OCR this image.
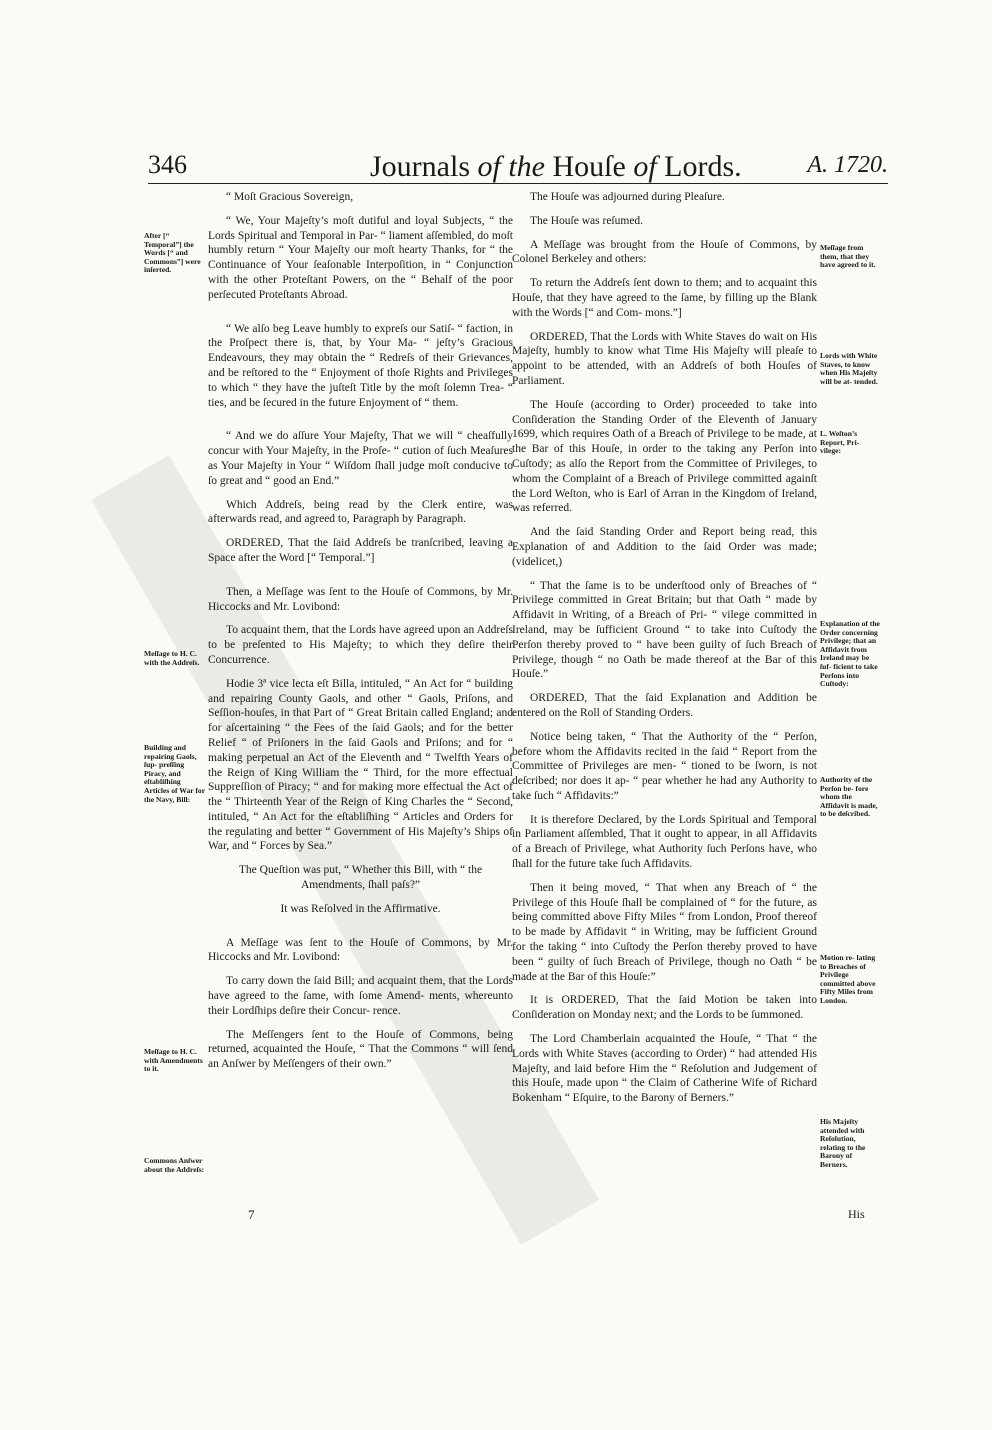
346	Journals of the Houſe of Lords.	A. 1720.
After [“ Temporal”] the Words [“ and Commons”] were inſerted.
Meſſage to H. C. with the Addreſs.
Building and repairing Gaols, ſup- preſſing Piracy, and eſtabliſhing Articles of War for the Navy, Bill:
Meſſage to H. C. with Amendments to it.
Commons Anſwer about the Addreſs:

“ Moſt Gracious Sovereign,

“ We, Your Majeſty’s moſt dutiful and loyal Subjects, “ the Lords Spiritual and Temporal in Par- “ liament aſſembled, do moſt humbly return “ Your Majeſty our moſt hearty Thanks, for “ the Continuance of Your ſeaſonable Interpoſition, in “ Conjunction with the other Proteſtant Powers, on the “ Behalf of the poor perſecuted Proteſtants Abroad.

“ We alſo beg Leave humbly to expreſs our Satiſ- “ faction, in the Proſpect there is, that, by Your Ma- “ jeſty’s Gracious Endeavours, they may obtain the “ Redreſs of their Grievances, and be reſtored to the “ Enjoyment of thoſe Rights and Privileges to which “ they have the juſteſt Title by the moſt ſolemn Trea- “ ties, and be ſecured in the future Enjoyment of “ them.

“ And we do aſſure Your Majeſty, That we will “ cheaſfully concur with Your Majeſty, in the Proſe- “ cution of ſuch Meaſures as Your Majeſty in Your “ Wiſdom ſhall judge moſt conducive to ſo great and “ good an End.”

Which Addreſs, being read by the Clerk entire, was afterwards read, and agreed to, Paragraph by Paragraph.

ORDERED, That the ſaid Addreſs be tranſcribed, leaving a Space after the Word [“ Temporal.”]

Then, a Meſſage was ſent to the Houſe of Commons, by Mr. Hiccocks and Mr. Lovibond:

To acquaint them, that the Lords have agreed upon an Addreſs to be preſented to His Majeſty; to which they deſire their Concurrence.

Hodie 3ª vice lecta eſt Billa, intituled, “ An Act for “ building and repairing County Gaols, and other “ Gaols, Priſons, and Seſſion-houſes, in that Part of “ Great Britain called England; and for aſcertaining “ the Fees of the ſaid Gaols; and for the better Relief “ of Priſoners in the ſaid Gaols and Priſons; and for “ making perpetual an Act of the Eleventh and “ Twelfth Years of the Reign of King William the “ Third, for the more effectual Suppreſſion of Piracy; “ and for making more effectual the Act of the “ Thirteenth Year of the Reign of King Charles the “ Second, intituled, “ An Act for the eſtabliſhing “ Articles and Orders for the regulating and better “ Government of His Majeſty’s Ships of War, and “ Forces by Sea.”

The Queſtion was put, “ Whether this Bill, with “ the Amendments, ſhall paſs?”

It was Reſolved in the Affirmative.

A Meſſage was ſent to the Houſe of Commons, by Mr. Hiccocks and Mr. Lovibond:

To carry down the ſaid Bill; and acquaint them, that the Lords have agreed to the ſame, with ſome Amend- ments, whereunto their Lordſhips deſire their Concur- rence.

The Meſſengers ſent to the Houſe of Commons, being returned, acquainted the Houſe, “ That the Commons “ will ſend an Anſwer by Meſſengers of their own.”

The Houſe was adjourned during Pleaſure.

The Houſe was reſumed.

A Meſſage was brought from the Houſe of Commons, by Colonel Berkeley and others:

To return the Addreſs ſent down to them; and to acquaint this Houſe, that they have agreed to the ſame, by filling up the Blank with the Words [“ and Com- mons.”]

ORDERED, That the Lords with White Staves do wait on His Majeſty, humbly to know what Time His Majeſty will pleaſe to appoint to be attended, with an Addreſs of both Houſes of Parliament.

The Houſe (according to Order) proceeded to take into Conſideration the Standing Order of the Eleventh of January 1699, which requires Oath of a Breach of Privilege to be made, at the Bar of this Houſe, in order to the taking any Perſon into Cuſtody; as alſo the Report from the Committee of Privileges, to whom the Complaint of a Breach of Privilege committed againſt the Lord Weſton, who is Earl of Arran in the Kingdom of Ireland, was referred.

And the ſaid Standing Order and Report being read, this Explanation of and Addition to the ſaid Order was made; (videlicet,)

“ That the ſame is to be underſtood only of Breaches of “ Privilege committed in Great Britain; but that Oath “ made by Affidavit in Writing, of a Breach of Pri- “ vilege committed in Ireland, may be ſufficient Ground “ to take into Cuſtody the Perſon thereby proved to “ have been guilty of ſuch Breach of Privilege, though “ no Oath be made thereof at the Bar of this Houſe.”

ORDERED, That the ſaid Explanation and Addition be entered on the Roll of Standing Orders.

Notice being taken, “ That the Authority of the “ Perſon, before whom the Affidavits recited in the ſaid “ Report from the Committee of Privileges are men- “ tioned to be ſworn, is not deſcribed; nor does it ap- “ pear whether he had any Authority to take ſuch “ Affidavits:”

It is therefore Declared, by the Lords Spiritual and Temporal in Parliament aſſembled, That it ought to appear, in all Affidavits of a Breach of Privilege, what Authority ſuch Perſons have, who ſhall for the future take ſuch Affidavits.

Then it being moved, “ That when any Breach of “ the Privilege of this Houſe ſhall be complained of “ for the future, as being committed above Fifty Miles “ from London, Proof thereof to be made by Affidavit “ in Writing, may be ſufficient Ground for the taking “ into Cuſtody the Perſon thereby proved to have been “ guilty of ſuch Breach of Privilege, though no Oath “ be made at the Bar of this Houſe:”

It is ORDERED, That the ſaid Motion be taken into Conſideration on Monday next; and the Lords to be ſummoned.

The Lord Chamberlain acquainted the Houſe, “ That “ the Lords with White Staves (according to Order) “ had attended His Majeſty, and laid before Him the “ Reſolution and Judgement of this Houſe, made upon “ the Claim of Catherine Wife of Richard Bokenham “ Eſquire, to the Barony of Berners.”

Meſſage from them, that they have agreed to it.
Lords with White Staves, to know when His Majeſty will be at- tended.
L. Weſton’s Report, Pri- vilege:
Explanation of the Order concerning Privilege; that an Affidavit from Ireland may be ſuf- ficient to take Perſons into Cuſtody:
Authority of the Perſon be- fore whom the Affidavit is made, to be deſcribed.
Motion re- lating to Breaches of Privilege committed above Fifty Miles from London.
His Majeſty attended with Reſolution, relating to the Barony of Berners.
7	His
